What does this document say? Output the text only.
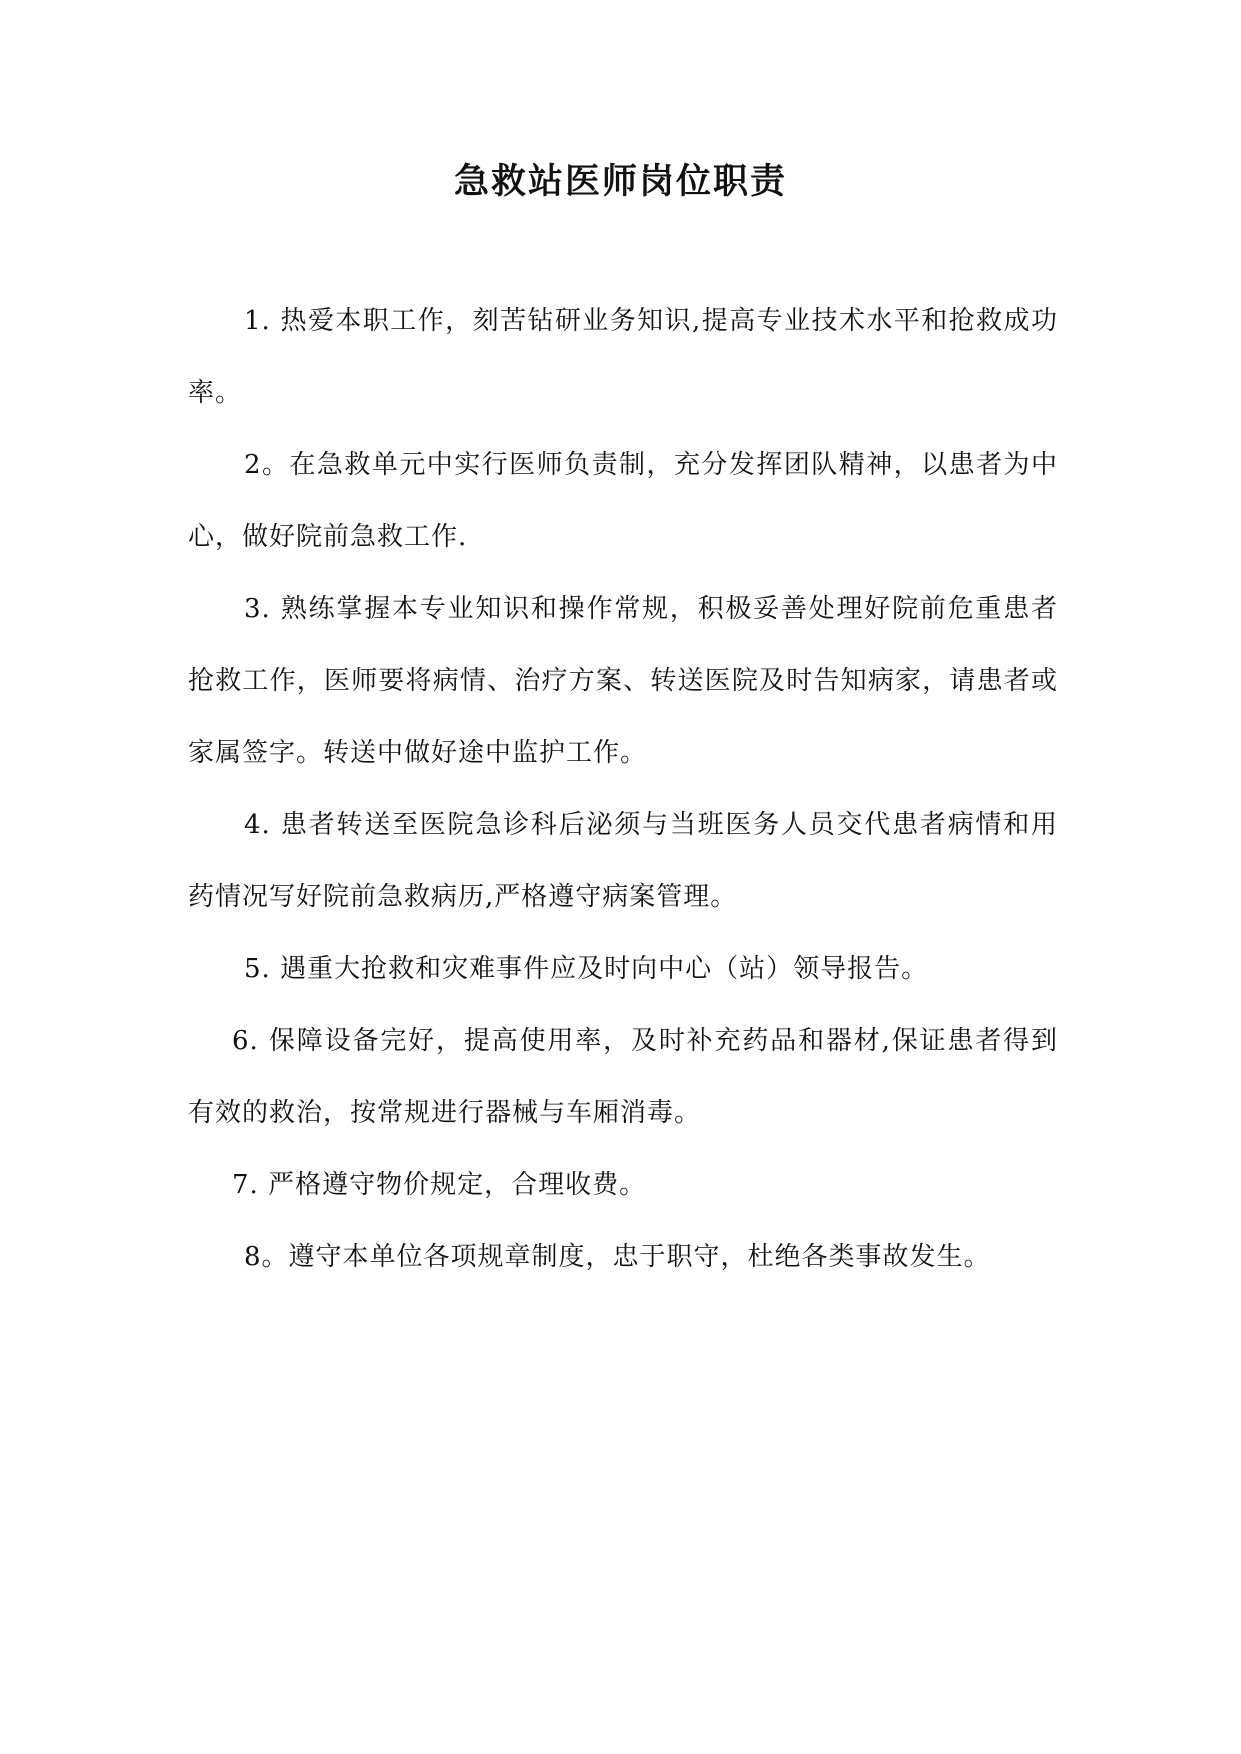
急救站医师岗位职责

1. 热爱本职工作，刻苦钻研业务知识,提高专业技术水平和抢救成功率。

2。在急救单元中实行医师负责制，充分发挥团队精神，以患者为中心，做好院前急救工作.

3. 熟练掌握本专业知识和操作常规，积极妥善处理好院前危重患者抢救工作，医师要将病情、治疗方案、转送医院及时告知病家，请患者或家属签字。转送中做好途中监护工作。

4. 患者转送至医院急诊科后泌须与当班医务人员交代患者病情和用药情况写好院前急救病历,严格遵守病案管理。

5. 遇重大抢救和灾难事件应及时向中心（站）领导报告。

6. 保障设备完好，提高使用率，及时补充药品和器材,保证患者得到有效的救治，按常规进行器械与车厢消毒。

7. 严格遵守物价规定，合理收费。

8。遵守本单位各项规章制度，忠于职守，杜绝各类事故发生。
